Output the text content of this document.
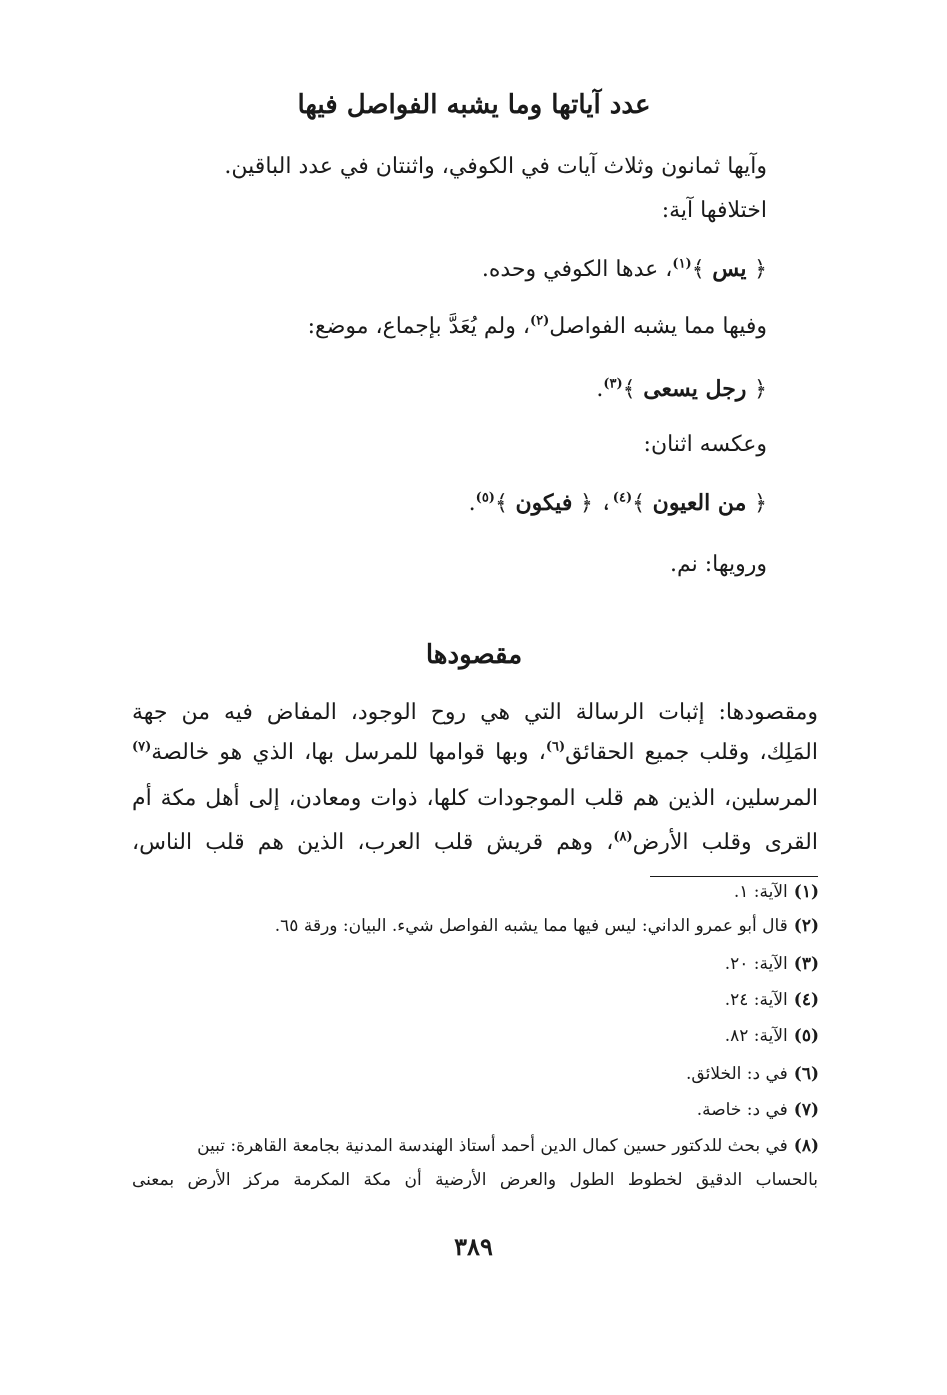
عدد آياتها وما يشبه الفواصل فيها
وآيها ثمانون وثلاث آيات في الكوفي، واثنتان في عدد الباقين.
اختلافها آية:
﴿ يس ﴾$^{(١)}$، عدها الكوفي وحده.
وفيها مما يشبه الفواصل$^{(٢)}$، ولم يُعَدَّ بإجماع، موضع:
﴿ رجل يسعى ﴾$^{(٣)}$.
وعكسه اثنان:
﴿ من العيون ﴾$^{(٤)}$، ﴿ فيكون ﴾$^{(٥)}$.
ورويها: نم.
مقصودها
ومقصودها: إثبات الرسالة التي هي روح الوجود، المفاض فيه من جهة
المَلِك، وقلب جميع الحقائق$^{(٦)}$، وبها قوامها للمرسل بها، الذي هو خالصة$^{(٧)}$
المرسلين، الذين هم قلب الموجودات كلها، ذوات ومعادن، إلى أهل مكة أم
القرى وقلب الأرض$^{(٨)}$، وهم قريش قلب العرب، الذين هم قلب الناس،
(١)الآية: ١.
(٢)قال أبو عمرو الداني: ليس فيها مما يشبه الفواصل شيء. البيان: ورقة ٦٥.
(٣)الآية: ٢٠.
(٤)الآية: ٢٤.
(٥)الآية: ٨٢.
(٦)في د: الخلائق.
(٧)في د: خاصة.
(٨)في بحث للدكتور حسين كمال الدين أحمد أستاذ الهندسة المدنية بجامعة القاهرة: تبين
بالحساب الدقيق لخطوط الطول والعرض الأرضية أن مكة المكرمة مركز الأرض بمعنى
٣٨٩
